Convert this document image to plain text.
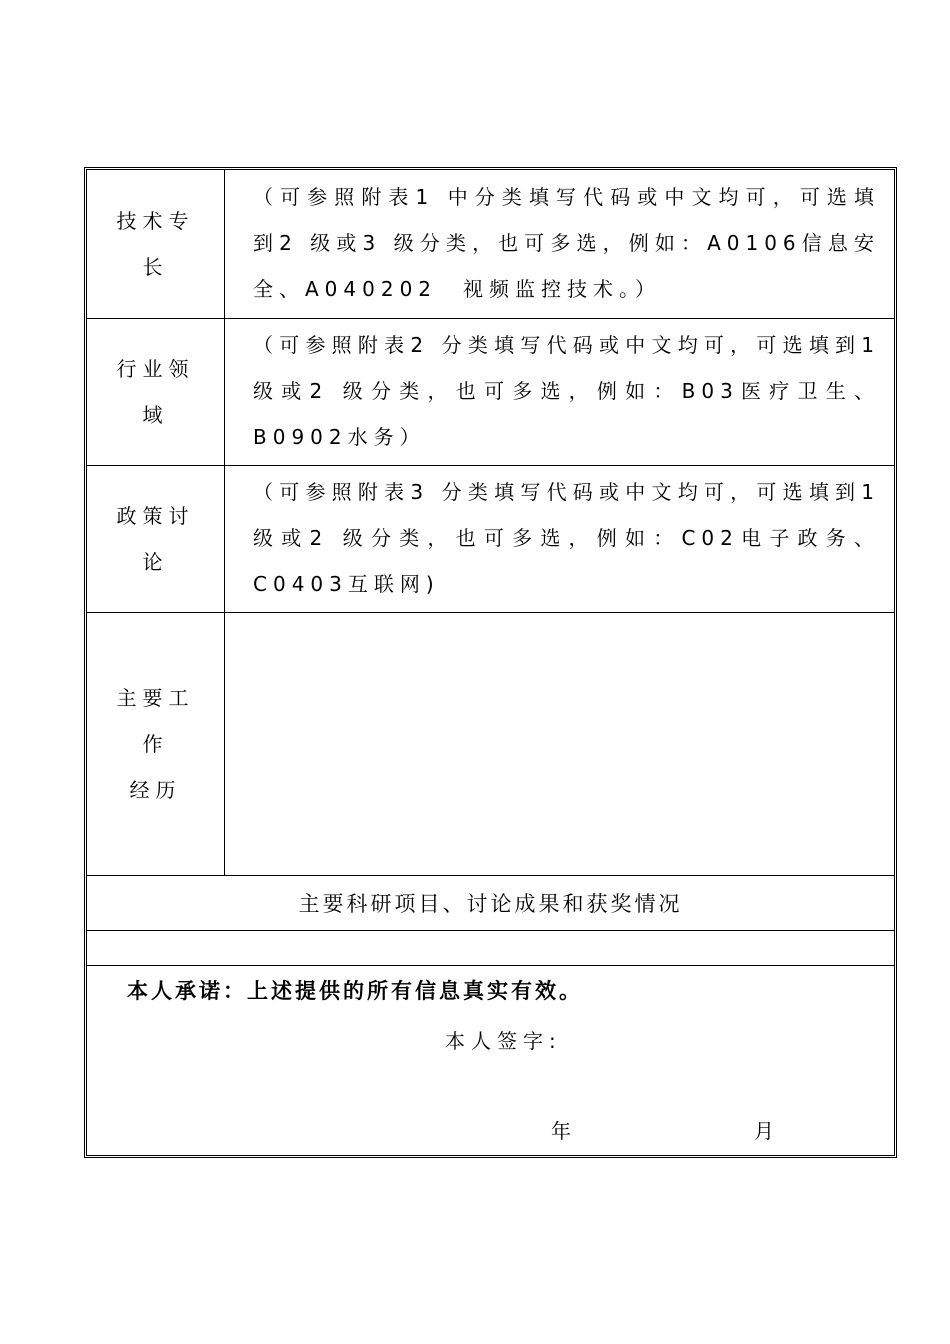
技术专
长
（可参照附表1 中分类填写代码或中文均可，可选填到2 级或3 级分类，也可多选，例如：A0106信息安全、A040202　视频监控技术。）
行业领
域
（可参照附表2 分类填写代码或中文均可，可选填到1 级或2 级分类，也可多选，例如：B03医疗卫生、B0902水务）
政策讨
论
（可参照附表3 分类填写代码或中文均可，可选填到1 级或2 级分类，也可多选，例如：C02电子政务、C0403互联网)
主要工
作
经历
主要科研项目、讨论成果和获奖情况
本人承诺：上述提供的所有信息真实有效。
本人签字:
年	月
